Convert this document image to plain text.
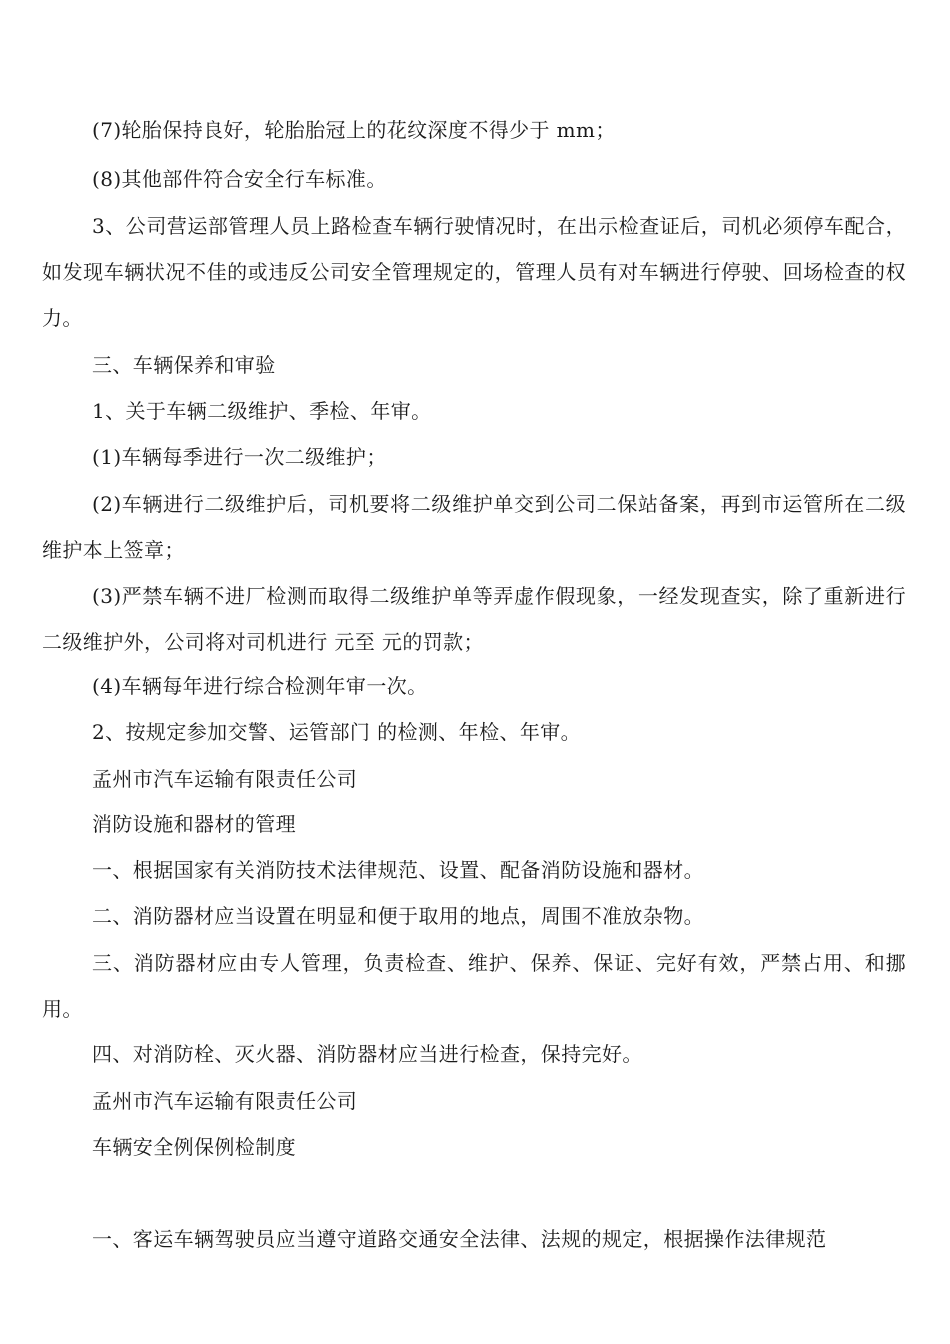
(7)轮胎保持良好，轮胎胎冠上的花纹深度不得少于 mm；

(8)其他部件符合安全行车标准。

3、公司营运部管理人员上路检查车辆行驶情况时，在出示检查证后，司机必须停车配合，如发现车辆状况不佳的或违反公司安全管理规定的，管理人员有对车辆进行停驶、回场检查的权力。

三、车辆保养和审验

1、关于车辆二级维护、季检、年审。

(1)车辆每季进行一次二级维护；

(2)车辆进行二级维护后，司机要将二级维护单交到公司二保站备案，再到市运管所在二级维护本上签章；

(3)严禁车辆不进厂检测而取得二级维护单等弄虚作假现象，一经发现查实，除了重新进行二级维护外，公司将对司机进行 元至 元的罚款；

(4)车辆每年进行综合检测年审一次。

2、按规定参加交警、运管部门 的检测、年检、年审。

孟州市汽车运输有限责任公司

消防设施和器材的管理

一、根据国家有关消防技术法律规范、设置、配备消防设施和器材。

二、消防器材应当设置在明显和便于取用的地点，周围不准放杂物。

三、消防器材应由专人管理，负责检查、维护、保养、保证、完好有效，严禁占用、和挪用。

四、对消防栓、灭火器、消防器材应当进行检查，保持完好。

孟州市汽车运输有限责任公司

车辆安全例保例检制度

一、客运车辆驾驶员应当遵守道路交通安全法律、法规的规定，根据操作法律规范
